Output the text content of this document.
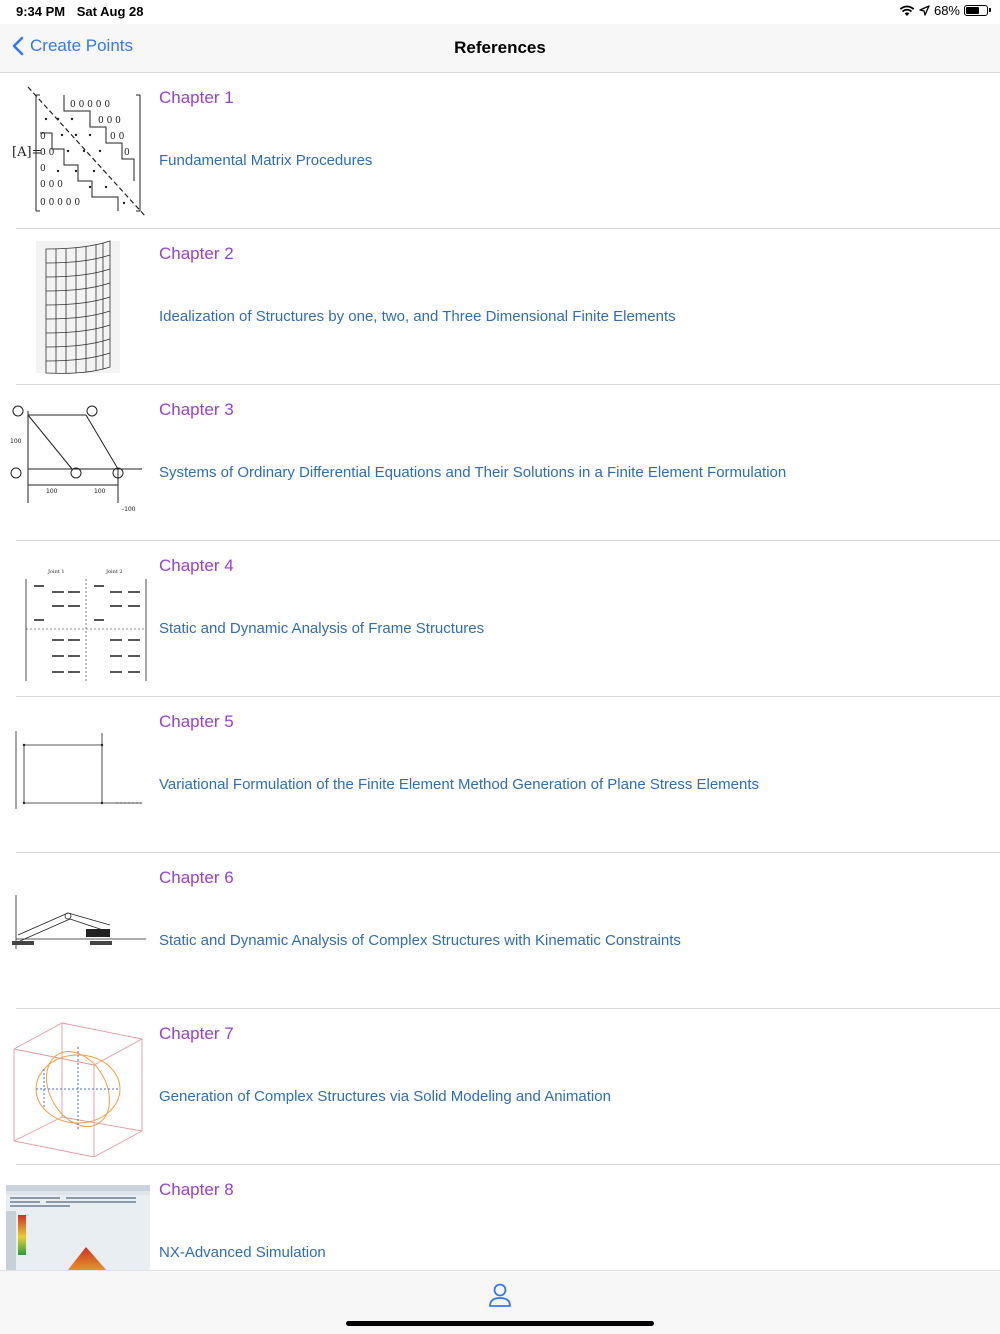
9:34 PM Sat Aug 28	68%
Create Points	References
[A]=
0 0 0 0 0
0 0 0
0 0
0
0
0 0
0
0 0 0
0 0 0 0 0
Chapter 1
Fundamental Matrix Procedures
Chapter 2
Idealization of Structures by one, two, and Three Dimensional Finite Elements
100	100
100
-100
Chapter 3
Systems of Ordinary Differential Equations and Their Solutions in a Finite Element Formulation
Joint 1	Joint 2 Chapter 4
Static and Dynamic Analysis of Frame Structures
Chapter 5
Variational Formulation of the Finite Element Method Generation of Plane Stress Elements
Chapter 6
Static and Dynamic Analysis of Complex Structures with Kinematic Constraints
Chapter 7
Generation of Complex Structures via Solid Modeling and Animation
Chapter 8
NX-Advanced Simulation
